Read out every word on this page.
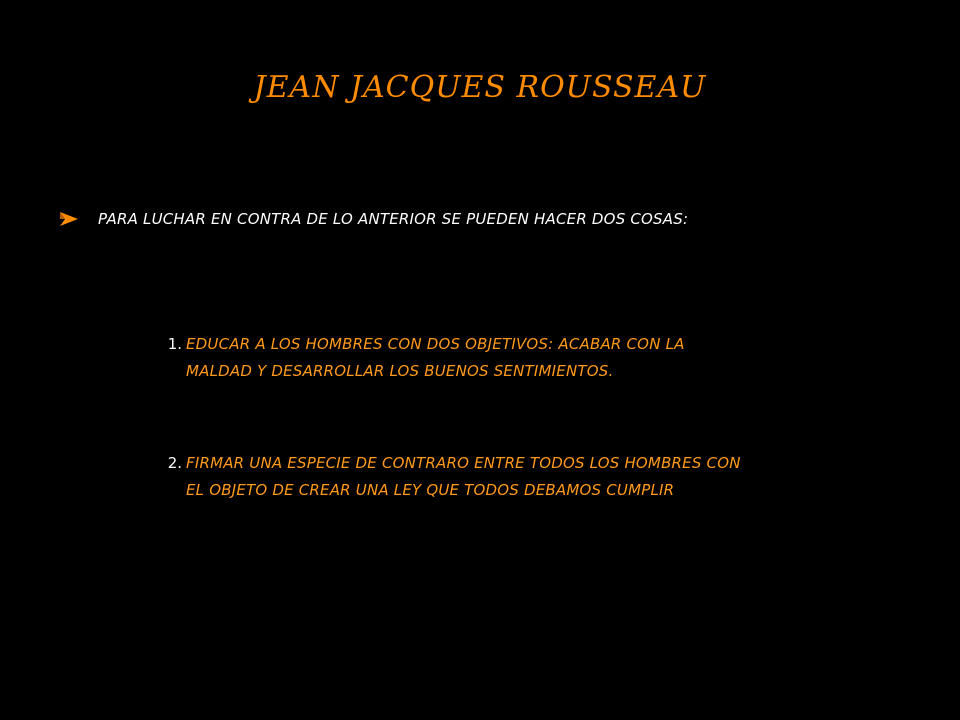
JEAN JACQUES ROUSSEAU
PARA LUCHAR EN CONTRA DE LO ANTERIOR SE PUEDEN HACER DOS COSAS:
1. EDUCAR A LOS HOMBRES CON DOS OBJETIVOS: ACABAR CON LA
MALDAD Y DESARROLLAR LOS BUENOS SENTIMIENTOS.
2. FIRMAR UNA ESPECIE DE CONTRARO ENTRE TODOS LOS HOMBRES CON
EL OBJETO DE CREAR UNA LEY QUE TODOS DEBAMOS CUMPLIR
